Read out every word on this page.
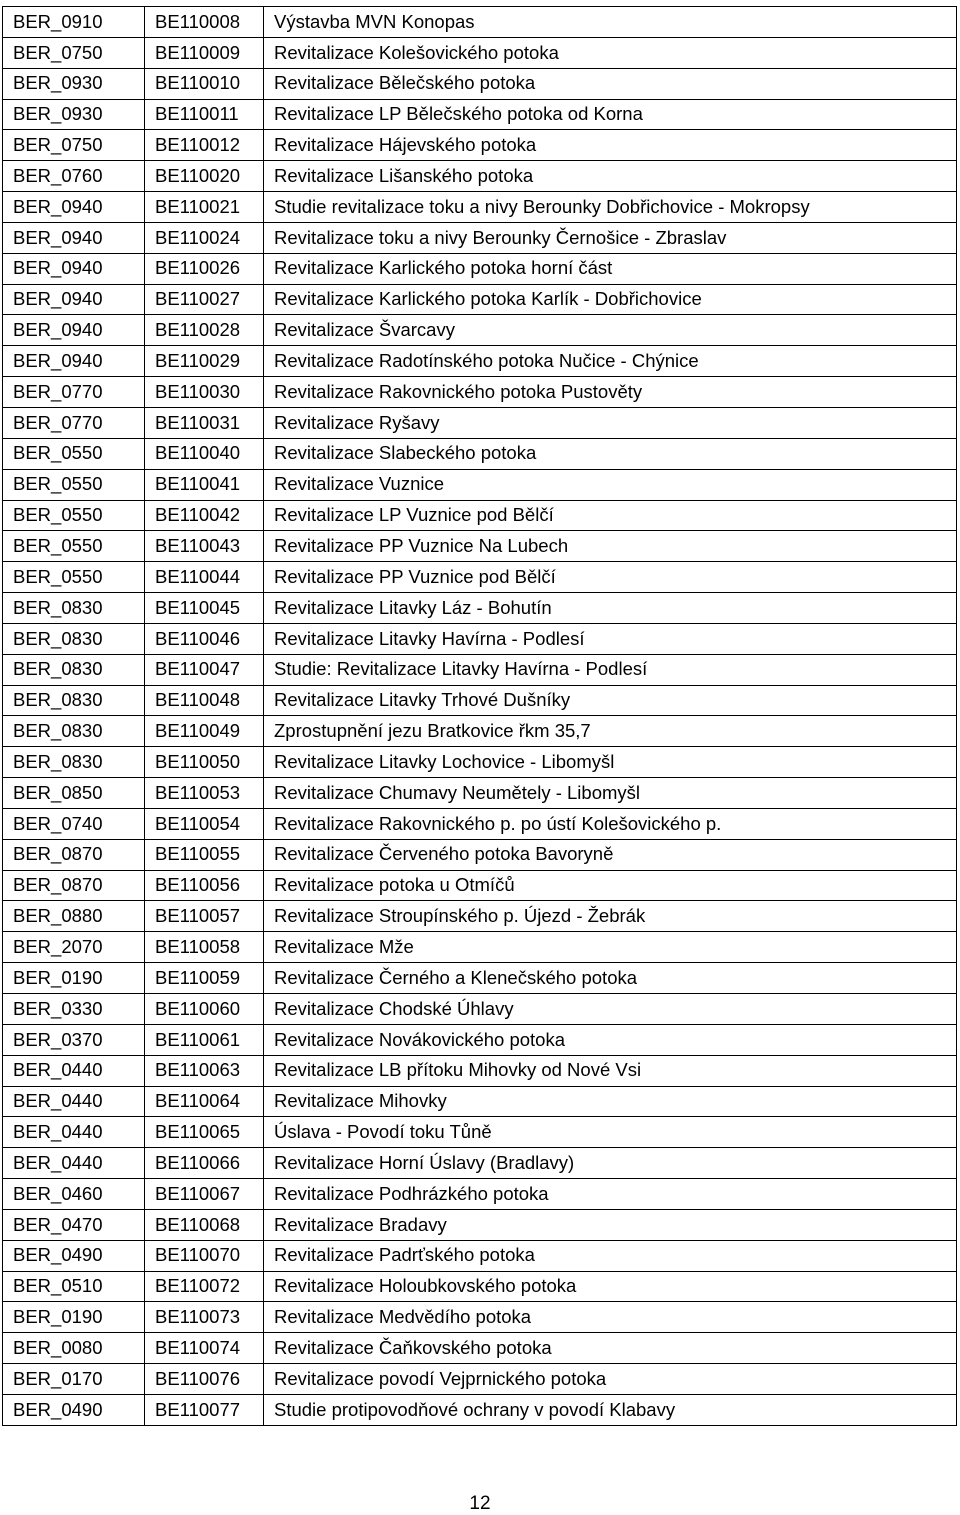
BER_0910	BE110008	Výstavba MVN Konopas
BER_0750	BE110009	Revitalizace Kolešovického potoka
BER_0930	BE110010	Revitalizace Bělečského potoka
BER_0930	BE110011	Revitalizace LP Bělečského potoka od Korna
BER_0750	BE110012	Revitalizace Hájevského potoka
BER_0760	BE110020	Revitalizace Lišanského potoka
BER_0940	BE110021	Studie revitalizace toku a nivy Berounky Dobřichovice - Mokropsy
BER_0940	BE110024	Revitalizace toku a nivy Berounky Černošice - Zbraslav
BER_0940	BE110026	Revitalizace Karlického potoka horní část
BER_0940	BE110027	Revitalizace Karlického potoka Karlík - Dobřichovice
BER_0940	BE110028	Revitalizace Švarcavy
BER_0940	BE110029	Revitalizace Radotínského potoka Nučice - Chýnice
BER_0770	BE110030	Revitalizace Rakovnického potoka Pustověty
BER_0770	BE110031	Revitalizace Ryšavy
BER_0550	BE110040	Revitalizace Slabeckého potoka
BER_0550	BE110041	Revitalizace Vuznice
BER_0550	BE110042	Revitalizace LP Vuznice pod Bělčí
BER_0550	BE110043	Revitalizace PP Vuznice Na Lubech
BER_0550	BE110044	Revitalizace PP Vuznice pod Bělčí
BER_0830	BE110045	Revitalizace Litavky Láz - Bohutín
BER_0830	BE110046	Revitalizace Litavky Havírna - Podlesí
BER_0830	BE110047	Studie: Revitalizace Litavky Havírna - Podlesí
BER_0830	BE110048	Revitalizace Litavky Trhové Dušníky
BER_0830	BE110049	Zprostupnění jezu Bratkovice řkm 35,7
BER_0830	BE110050	Revitalizace Litavky Lochovice - Libomyšl
BER_0850	BE110053	Revitalizace Chumavy Neumětely - Libomyšl
BER_0740	BE110054	Revitalizace Rakovnického p. po ústí Kolešovického p.
BER_0870	BE110055	Revitalizace Červeného potoka Bavoryně
BER_0870	BE110056	Revitalizace potoka u Otmíčů
BER_0880	BE110057	Revitalizace Stroupínského p. Újezd - Žebrák
BER_2070	BE110058	Revitalizace Mže
BER_0190	BE110059	Revitalizace Černého a Klenečského potoka
BER_0330	BE110060	Revitalizace Chodské Úhlavy
BER_0370	BE110061	Revitalizace Novákovického potoka
BER_0440	BE110063	Revitalizace LB přítoku Mihovky od Nové Vsi
BER_0440	BE110064	Revitalizace Mihovky
BER_0440	BE110065	Úslava - Povodí toku Tůně
BER_0440	BE110066	Revitalizace Horní Úslavy (Bradlavy)
BER_0460	BE110067	Revitalizace Podhrázkého potoka
BER_0470	BE110068	Revitalizace Bradavy
BER_0490	BE110070	Revitalizace Padrťského potoka
BER_0510	BE110072	Revitalizace Holoubkovského potoka
BER_0190	BE110073	Revitalizace Medvědího potoka
BER_0080	BE110074	Revitalizace Čaňkovského potoka
BER_0170	BE110076	Revitalizace povodí Vejprnického potoka
BER_0490	BE110077	Studie protipovodňové ochrany v povodí Klabavy
12
